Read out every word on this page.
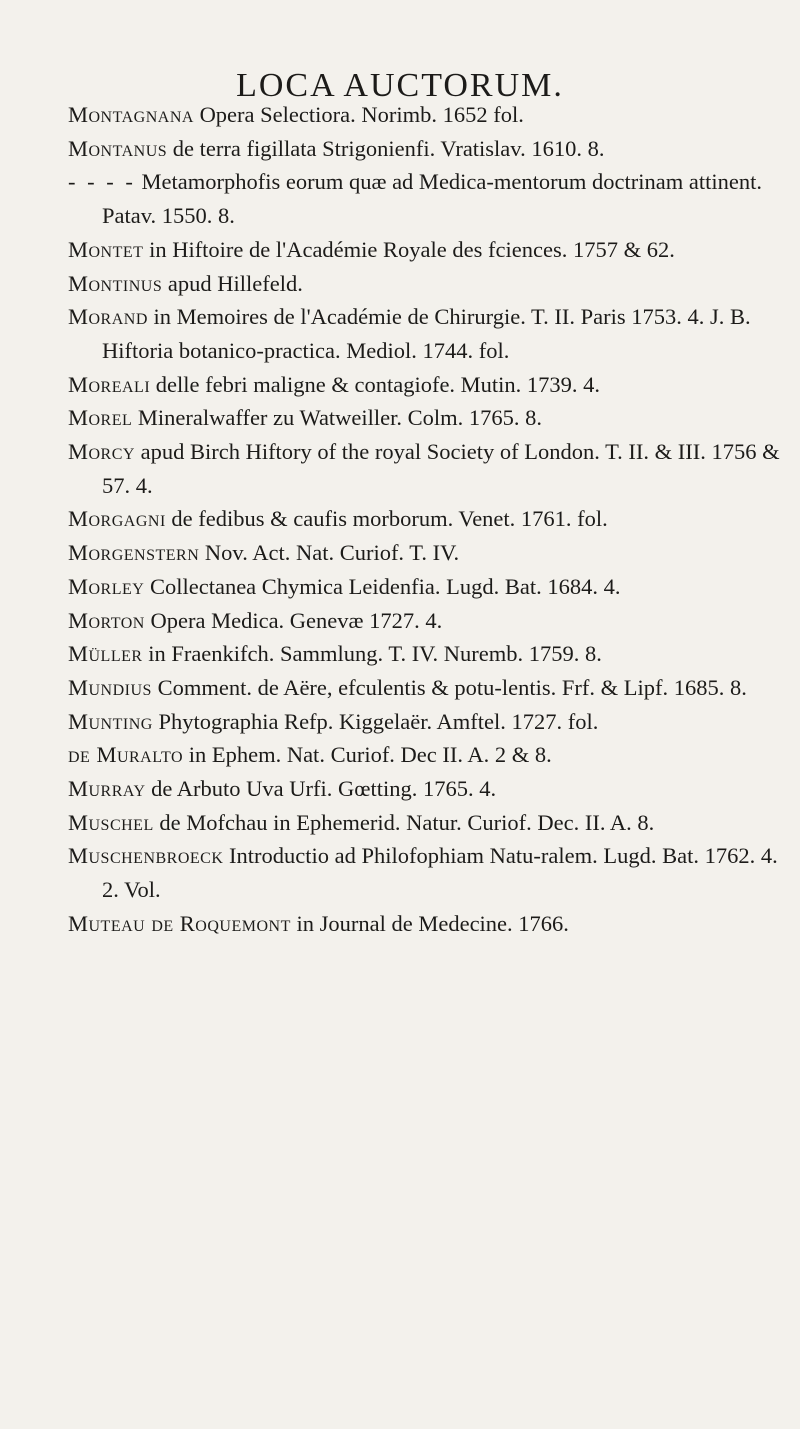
LOCA AUCTORUM.

Montagnana Opera Selectiora. Norimb. 1652 fol.

Montanus de terra figillata Strigonienfi. Vratislav. 1610. 8.

- - - - Metamorphofis eorum quæ ad Medica-mentorum doctrinam attinent. Patav. 1550. 8.

Montet in Hiftoire de l'Académie Royale des fciences. 1757 & 62.

Montinus apud Hillefeld.

Morand in Memoires de l'Académie de Chirurgie. T. II. Paris 1753. 4. J. B. Hiftoria botanico-practica. Mediol. 1744. fol.

Moreali delle febri maligne & contagiofe. Mutin. 1739. 4.

Morel Mineralwaffer zu Watweiller. Colm. 1765. 8.

Morcy apud Birch Hiftory of the royal Society of London. T. II. & III. 1756 & 57. 4.

Morgagni de fedibus & caufis morborum. Venet. 1761. fol.

Morgenstern Nov. Act. Nat. Curiof. T. IV.

Morley Collectanea Chymica Leidenfia. Lugd. Bat. 1684. 4.

Morton Opera Medica. Genevæ 1727. 4.

Müller in Fraenkifch. Sammlung. T. IV. Nuremb. 1759. 8.

Mundius Comment. de Aëre, efculentis & potu-lentis. Frf. & Lipf. 1685. 8.

Munting Phytographia Refp. Kiggelaër. Amftel. 1727. fol.

de Muralto in Ephem. Nat. Curiof. Dec II. A. 2 & 8.

Murray de Arbuto Uva Urfi. Gœtting. 1765. 4.

Muschel de Mofchau in Ephemerid. Natur. Curiof. Dec. II. A. 8.

Muschenbroeck Introductio ad Philofophiam Natu-ralem. Lugd. Bat. 1762. 4. 2. Vol.

Muteau de Roquemont in Journal de Medecine. 1766.
